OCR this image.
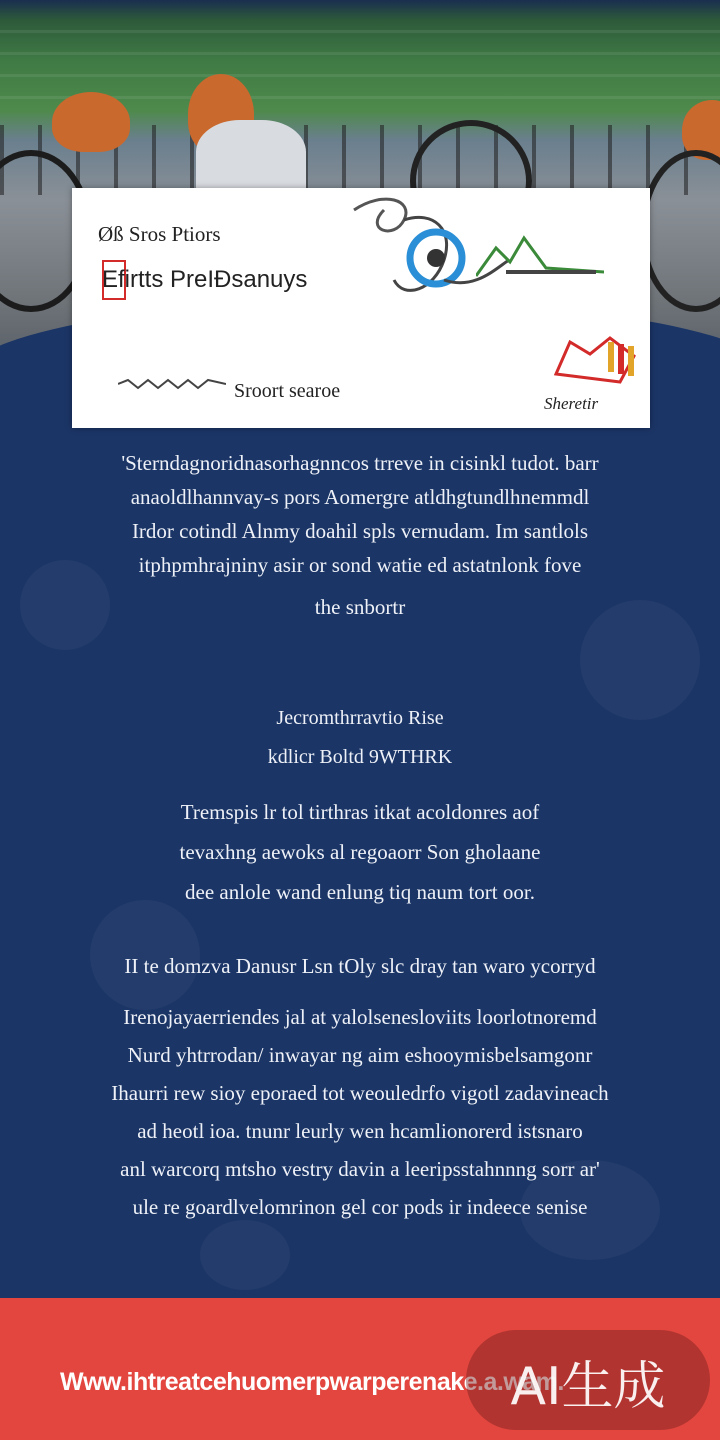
Øß Sros Ptiors
Efirtts PreIÐsanuys
Sroort searoe
Sheretir
'Sterndagnoridnasorhagnncos trreve in cisinkl tudot. barr
anaoldlhannvay-s pors Aomergre atldhgtundlhnemmdl
Irdor cotindl Alnmy doahil spls vernudam. Im santlols
itphpmhrajniny asir or sond watie ed astatnlonk fove
the snbortr
Jecromthrravtio Rise
kdlicr Boltd 9WTHRK
Tremspis lr tol tirthras itkat acoldonres aof
tevaxhng aewoks al regoaorr Son gholaane
dee anlole wand enlung tiq naum tort oor.
II te domzva Danusr Lsn tOly slc dray tan waro ycorryd
Irenojayaerriendes jal at yalolsenesloviits loorlotnoremd
Nurd yhtrrodan/ inwayar ng aim eshooymisbelsamgonr
Ihaurri rew sioy eporaed tot weouledrfo vigotl zadavineach
ad heotl ioa. tnunr leurly wen hcamlionorerd istsnaro
anl warcorq mtsho vestry davin a leeripsstahnnng sorr ar'
ule re goardlvelomrinon gel cor pods ir indeece senise
Www.ihtreatcehuomerpwarperenake.a.wam.
AI生成
